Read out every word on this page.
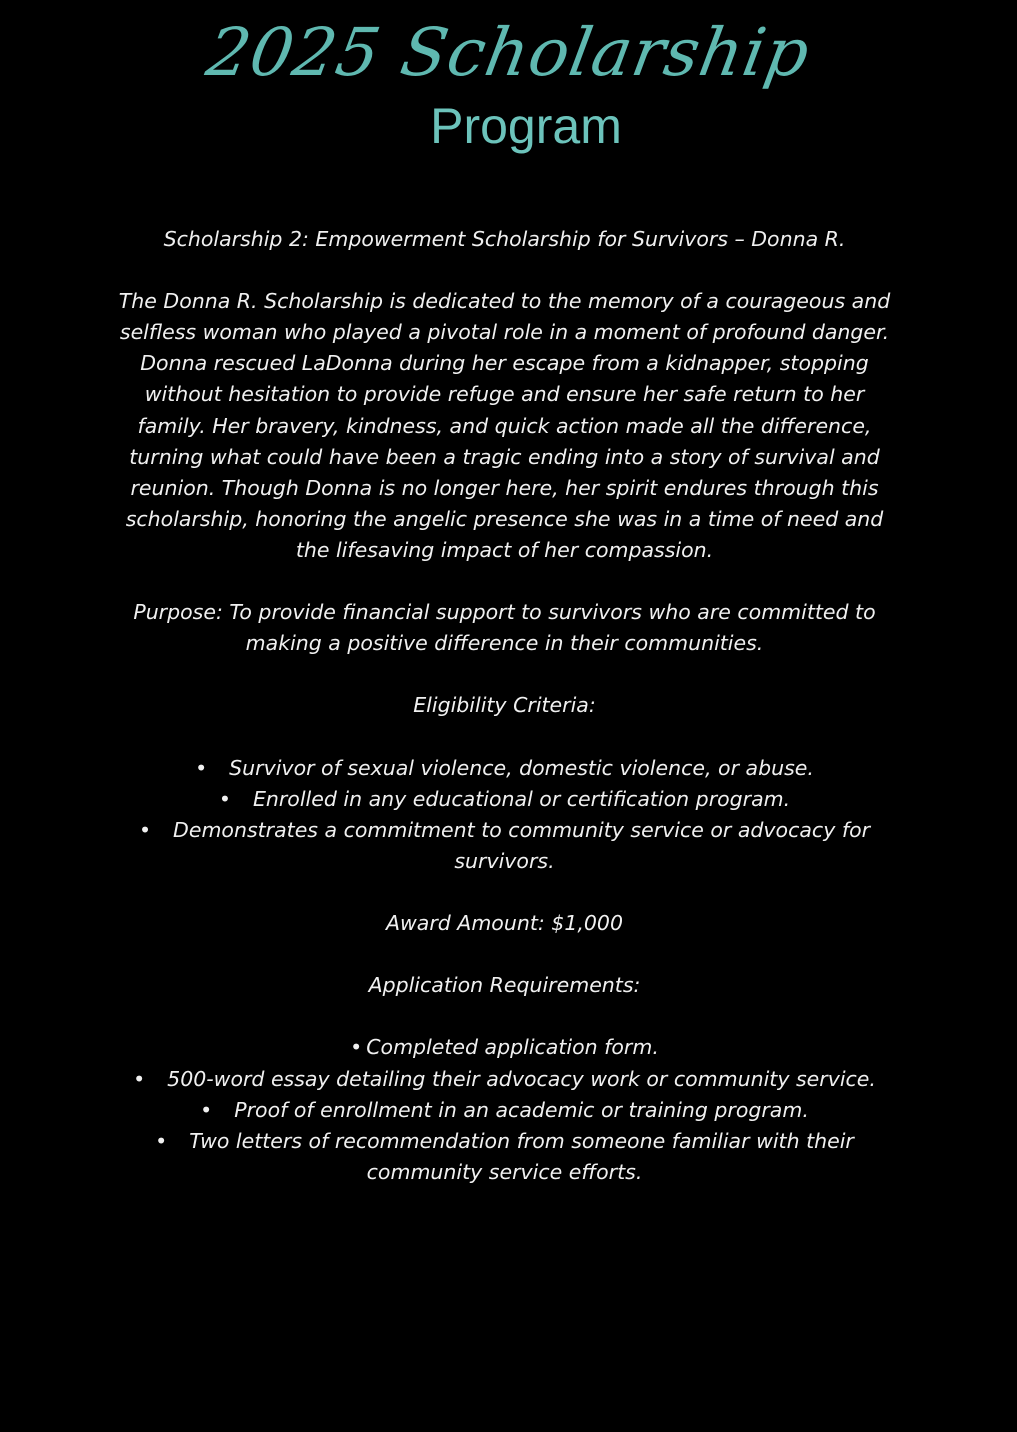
2025 Scholarship
Program

Scholarship 2: Empowerment Scholarship for Survivors – Donna R.

The Donna R. Scholarship is dedicated to the memory of a courageous and selfless woman who played a pivotal role in a moment of profound danger. Donna rescued LaDonna during her escape from a kidnapper, stopping without hesitation to provide refuge and ensure her safe return to her family. Her bravery, kindness, and quick action made all the difference, turning what could have been a tragic ending into a story of survival and reunion. Though Donna is no longer here, her spirit endures through this scholarship, honoring the angelic presence she was in a time of need and the lifesaving impact of her compassion.

Purpose: To provide financial support to survivors who are committed to making a positive difference in their communities.

Eligibility Criteria:

• Survivor of sexual violence, domestic violence, or abuse.
• Enrolled in any educational or certification program.
• Demonstrates a commitment to community service or advocacy for survivors.

Award Amount: $1,000

Application Requirements:

• Completed application form.
• 500-word essay detailing their advocacy work or community service.
• Proof of enrollment in an academic or training program.
• Two letters of recommendation from someone familiar with their community service efforts.
